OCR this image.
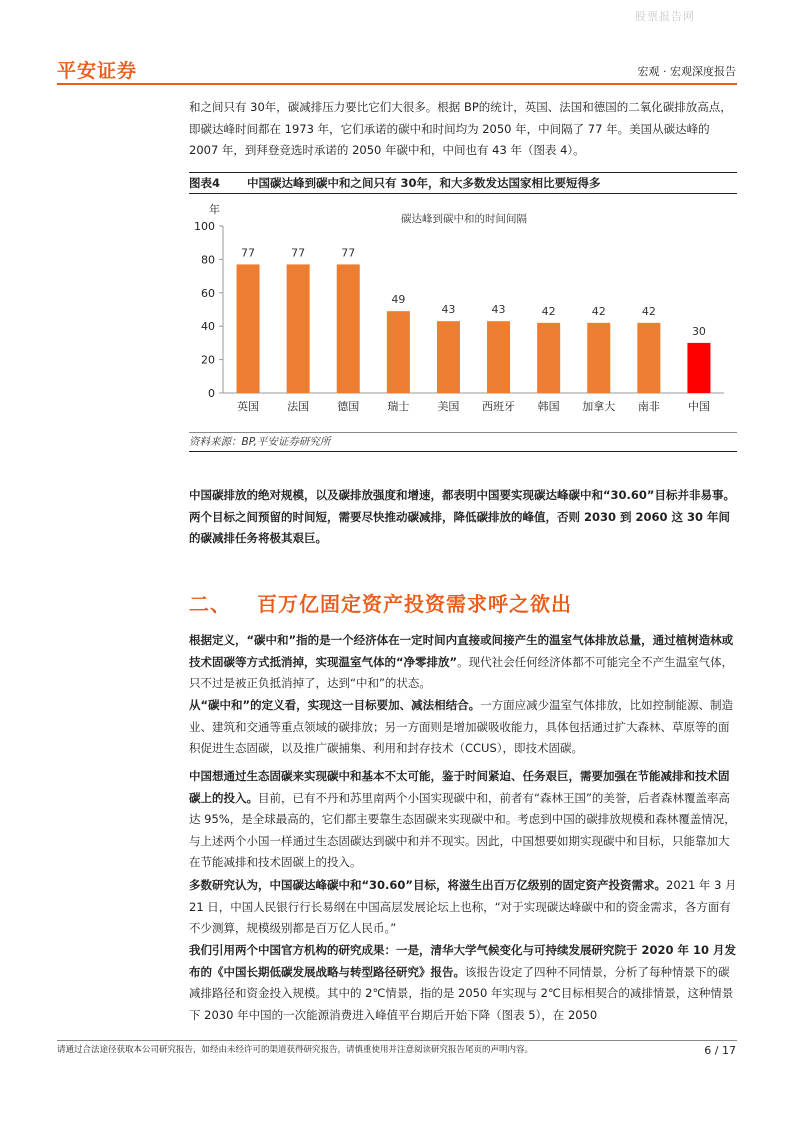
股票报告网
平安证券	宏观 · 宏观深度报告
和之间只有 30年，碳减排压力要比它们大很多。根据 BP的统计，英国、法国和德国的二氧化碳排放高点，即碳达峰时间都在 1973 年，它们承诺的碳中和时间均为 2050 年，中间隔了 77 年。美国从碳达峰的 2007 年，到拜登竞选时承诺的 2050 年碳中和，中间也有 43 年（图表 4）。
图表4 中国碳达峰到碳中和之间只有 30年，和大多数发达国家相比要短得多
年
碳达峰到碳中和的时间间隔
0
20
40
60
80
100
77
英国
77
法国
77
德国
49
瑞士
43
美国
43
西班牙
42
韩国
42
加拿大
42
南非
30
中国
资料来源：BP,平安证券研究所
中国碳排放的绝对规模，以及碳排放强度和增速，都表明中国要实现碳达峰碳中和“30.60”目标并非易事。两个目标之间预留的时间短，需要尽快推动碳减排，降低碳排放的峰值，否则 2030 到 2060 这 30 年间的碳减排任务将极其艰巨。
二、 百万亿固定资产投资需求呼之欲出
根据定义，“碳中和”指的是一个经济体在一定时间内直接或间接产生的温室气体排放总量，通过植树造林或技术固碳等方式抵消掉，实现温室气体的“净零排放”。现代社会任何经济体都不可能完全不产生温室气体，只不过是被正负抵消掉了，达到“中和”的状态。
从“碳中和”的定义看，实现这一目标要加、减法相结合。一方面应减少温室气体排放，比如控制能源、制造业、建筑和交通等重点领域的碳排放；另一方面则是增加碳吸收能力，具体包括通过扩大森林、草原等的面积促进生态固碳，以及推广碳捕集、利用和封存技术（CCUS），即技术固碳。
中国想通过生态固碳来实现碳中和基本不太可能，鉴于时间紧迫、任务艰巨，需要加强在节能减排和技术固碳上的投入。目前，已有不丹和苏里南两个小国实现碳中和，前者有“森林王国”的美誉，后者森林覆盖率高达 95%，是全球最高的，它们都主要靠生态固碳来实现碳中和。考虑到中国的碳排放规模和森林覆盖情况，与上述两个小国一样通过生态固碳达到碳中和并不现实。因此，中国想要如期实现碳中和目标，只能靠加大在节能减排和技术固碳上的投入。
多数研究认为，中国碳达峰碳中和“30.60”目标，将滋生出百万亿级别的固定资产投资需求。2021 年 3 月 21 日，中国人民银行行长易纲在中国高层发展论坛上也称，“对于实现碳达峰碳中和的资金需求，各方面有不少测算，规模级别都是百万亿人民币。”
我们引用两个中国官方机构的研究成果：一是，清华大学气候变化与可持续发展研究院于 2020 年 10 月发布的《中国长期低碳发展战略与转型路径研究》报告。该报告设定了四种不同情景，分析了每种情景下的碳减排路径和资金投入规模。其中的 2℃情景，指的是 2050 年实现与 2℃目标相契合的减排情景，这种情景下 2030 年中国的一次能源消费进入峰值平台期后开始下降（图表 5），在 2050
请通过合法途径获取本公司研究报告，如经由未经许可的渠道获得研究报告，请慎重使用并注意阅读研究报告尾页的声明内容。	6 / 17
